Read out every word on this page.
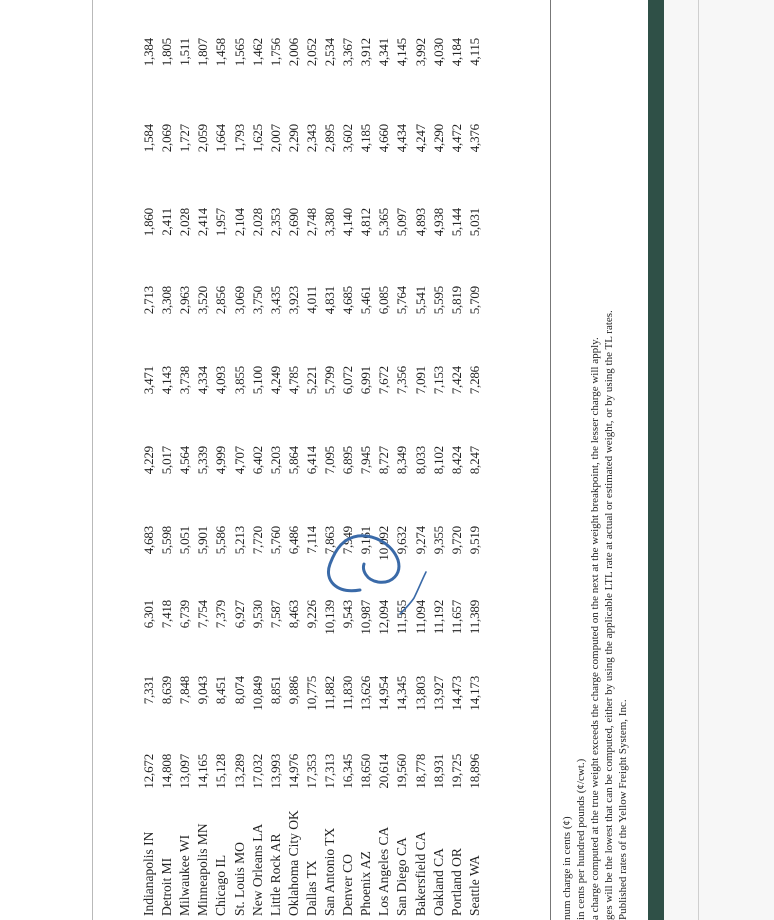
Indianapolis IN
12,672
7,331
6,301
4,683
4,229
3,471
2,713
1,860
1,584
1,384
Detroit MI
14,808
8,639
7,418
5,598
5,017
4,143
3,308
2,411
2,069
1,805
Milwaukee WI
13,097
7,848
6,739
5,051
4,564
3,738
2,963
2,028
1,727
1,511
Minneapolis MN
14,165
9,043
7,754
5,901
5,339
4,334
3,520
2,414
2,059
1,807
Chicago IL
15,128
8,451
7,379
5,586
4,999
4,093
2,856
1,957
1,664
1,458
St. Louis MO
13,289
8,074
6,927
5,213
4,707
3,855
3,069
2,104
1,793
1,565
New Orleans LA
17,032
10,849
9,530
7,720
6,402
5,100
3,750
2,028
1,625
1,462
Little Rock AR
13,993
8,851
7,587
5,760
5,203
4,249
3,435
2,353
2,007
1,756
Oklahoma City OK
14,976
9,886
8,463
6,486
5,864
4,785
3,923
2,690
2,290
2,006
Dallas TX
17,353
10,775
9,226
7,114
6,414
5,221
4,011
2,748
2,343
2,052
San Antonio TX
17,313
11,882
10,139
7,863
7,095
5,799
4,831
3,380
2,895
2,534
Denver CO
16,345
11,830
9,543
7,949
6,895
6,072
4,685
4,140
3,602
3,367
Phoenix AZ
18,650
13,626
10,987
9,161
7,945
6,991
5,461
4,812
4,185
3,912
Los Angeles CA
20,614
14,954
12,094
10,092
8,727
7,672
6,085
5,365
4,660
4,341
San Diego CA
19,560
14,345
11,555
9,632
8,349
7,356
5,764
5,097
4,434
4,145
Bakersfield CA
18,778
13,803
11,094
9,274
8,033
7,091
5,541
4,893
4,247
3,992
Oakland CA
18,931
13,927
11,192
9,355
8,102
7,153
5,595
4,938
4,290
4,030
Portland OR
19,725
14,473
11,657
9,720
8,424
7,424
5,819
5,144
4,472
4,184
Seattle WA
18,896
14,173
11,389
9,519
8,247
7,286
5,709
5,031
4,376
4,115
num charge in cents (¢) in cents per hundred pounds (¢/cwt.) a charge computed at the true weight exceeds the charge computed on the next at the weight breakpoint, the lesser charge will apply. ges will be the lowest that can be computed, either by using the applicable LTL rate at actual or estimated weight, or by using the TL rates. Published rates of the Yellow Freight System, Inc.
